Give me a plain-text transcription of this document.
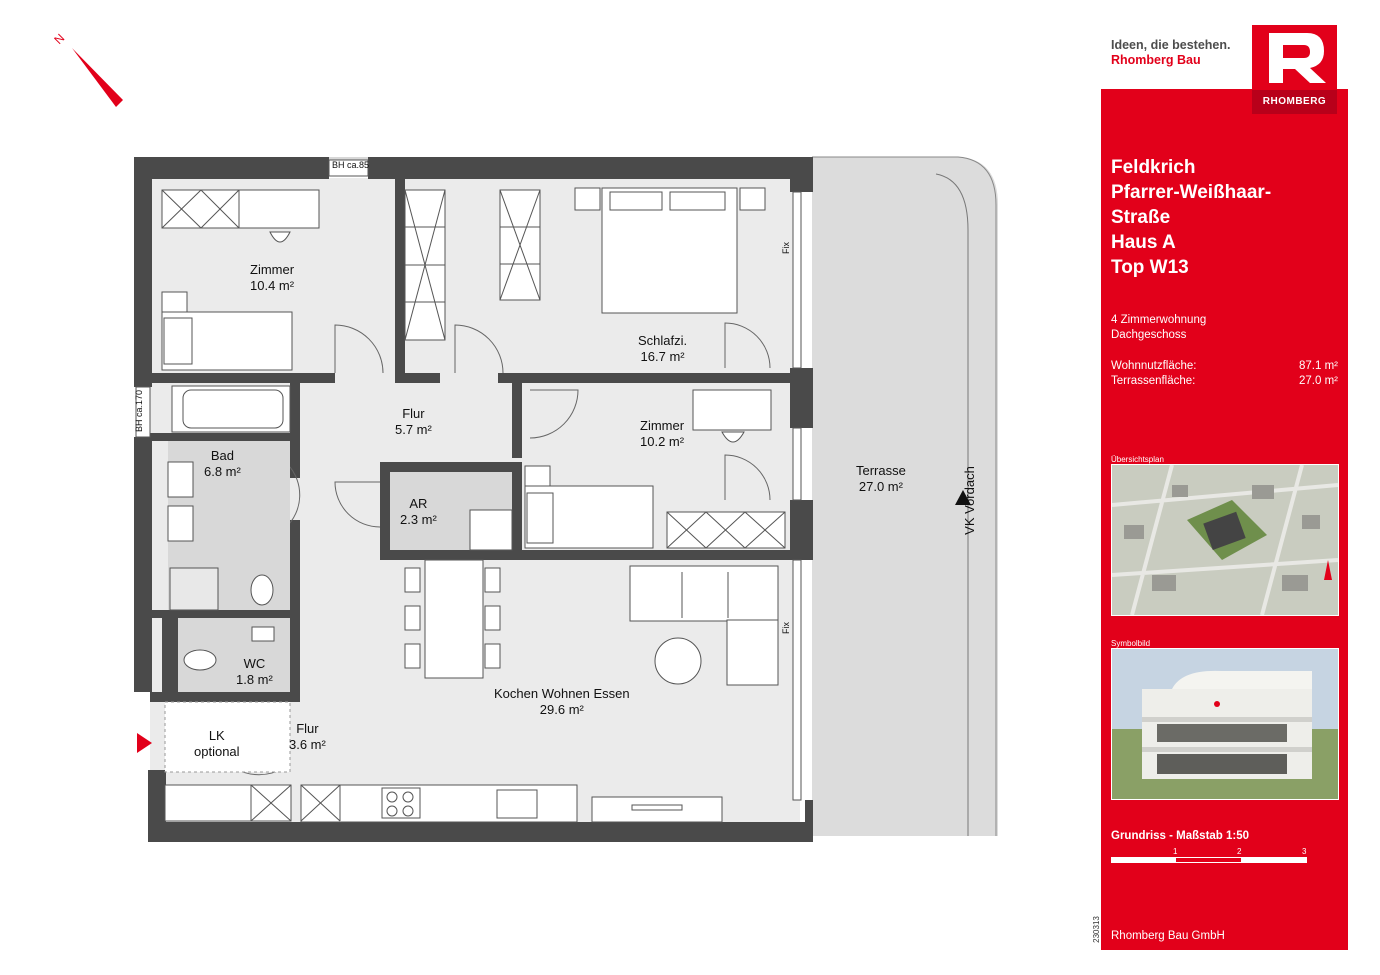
Zimmer
10.4 m²
Schlafzi.
16.7 m²
Flur
5.7 m²	Zimmer
10.2 m²
Bad
6.8 m²
AR
2.3 m²
Terrasse
27.0 m²
WC
1.8 m²
Kochen Wohnen Essen
29.6 m²
LK
optional
Flur
3.6 m²
BH ca.85
BH ca.170
Fix
Fix
VK Vordach
N	Ideen, die bestehen.
Rhomberg Bau
Feldkrich
Pfarrer-Weißhaar-
Straße
Haus A
Top W13
4 Zimmerwohnung
Dachgeschoss
Wohnnutzfläche:	87.1 m²
Terrassenfläche:	27.0 m²
Übersichtsplan
Symbolbild
Grundriss - Maßstab 1:50
1	2	3
Rhomberg Bau GmbH
230313
RHOMBERG
